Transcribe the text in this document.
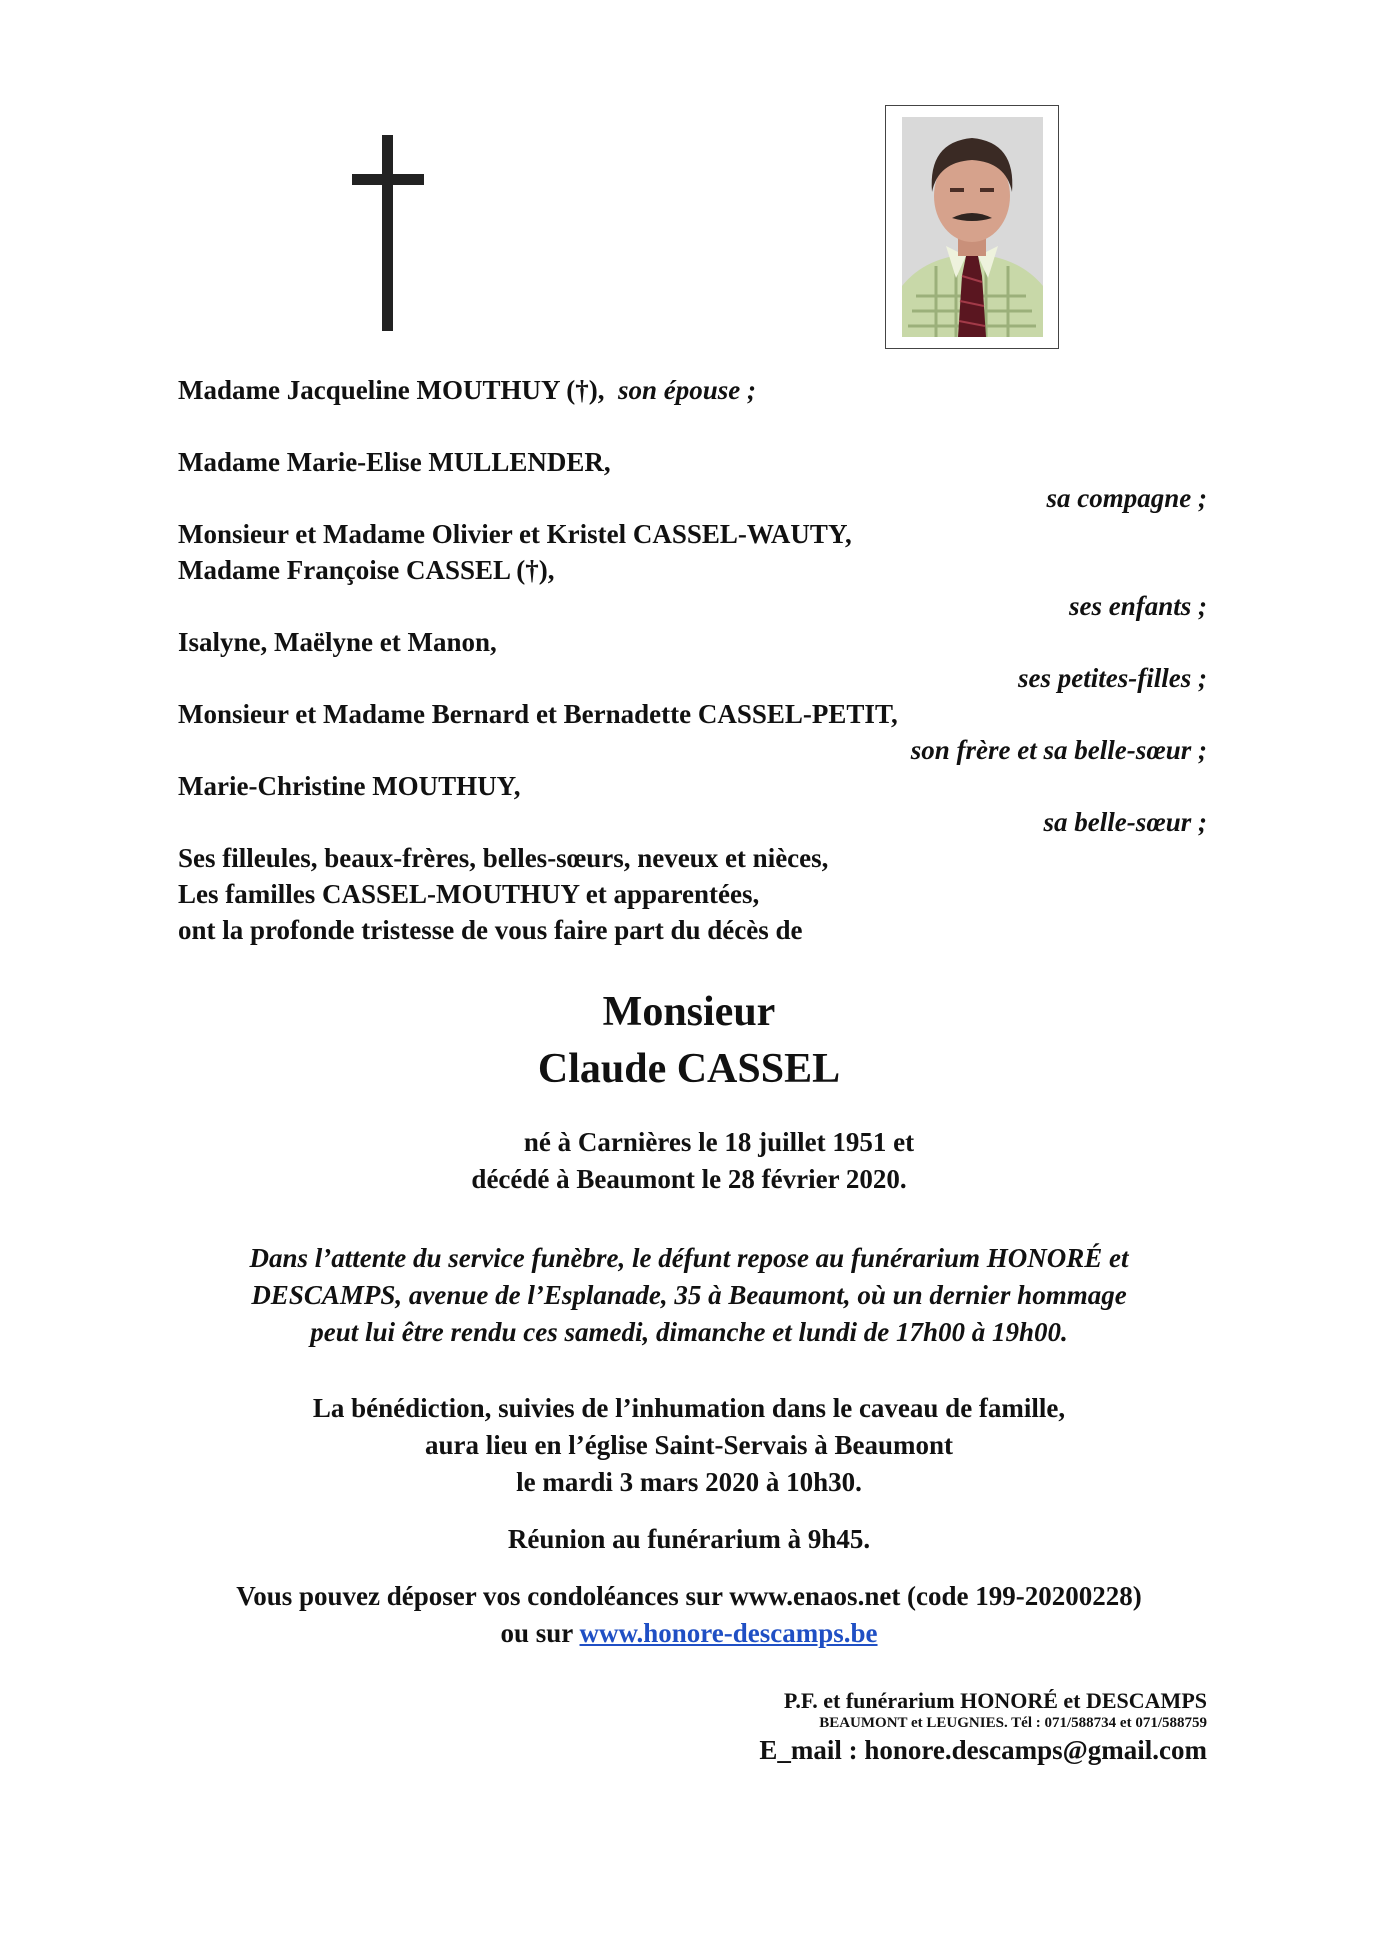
Madame Jacqueline MOUTHUY (†), son épouse ;
Madame Marie-Elise MULLENDER,
sa compagne ;
Monsieur et Madame Olivier et Kristel CASSEL-WAUTY,
Madame Françoise CASSEL (†),
ses enfants ;
Isalyne, Maëlyne et Manon,
ses petites-filles ;
Monsieur et Madame Bernard et Bernadette CASSEL-PETIT,
son frère et sa belle-sœur ;
Marie-Christine MOUTHUY,
sa belle-sœur ;
Ses filleules, beaux-frères, belles-sœurs, neveux et nièces,
Les familles CASSEL-MOUTHUY et apparentées,
ont la profonde tristesse de vous faire part du décès de
Monsieur
Claude CASSEL
né à Carnières le 18 juillet 1951 et
décédé à Beaumont le 28 février 2020.
Dans l’attente du service funèbre, le défunt repose au funérarium HONORÉ et
DESCAMPS, avenue de l’Esplanade, 35 à Beaumont, où un dernier hommage
peut lui être rendu ces samedi, dimanche et lundi de 17h00 à 19h00.
La bénédiction, suivies de l’inhumation dans le caveau de famille,
aura lieu en l’église Saint-Servais à Beaumont
le mardi 3 mars 2020 à 10h30.
Réunion au funérarium à 9h45.
Vous pouvez déposer vos condoléances sur www.enaos.net (code 199-20200228)
ou sur www.honore-descamps.be
P.F. et funérarium HONORÉ et DESCAMPS
BEAUMONT et LEUGNIES. Tél : 071/588734 et 071/588759
E_mail : honore.descamps@gmail.com
